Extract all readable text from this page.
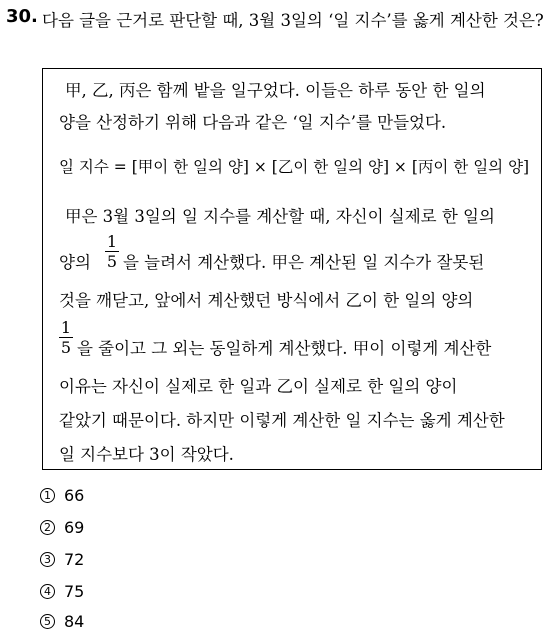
30. 다음 글을 근거로 판단할 때, 3월 3일의 ‘일 지수’를 옳게 계산한 것은?
甲, 乙, 丙은 함께 밭을 일구었다. 이들은 하루 동안 한 일의
양을 산정하기 위해 다음과 같은 ‘일 지수’를 만들었다.
일 지수 = [甲이 한 일의 양] × [乙이 한 일의 양] × [丙이 한 일의 양]
甲은 3월 3일의 일 지수를 계산할 때, 자신이 실제로 한 일의
양의
1
5 을 늘려서 계산했다. 甲은 계산된 일 지수가 잘못된
것을 깨닫고, 앞에서 계산했던 방식에서 乙이 한 일의 양의
1
5 을 줄이고 그 외는 동일하게 계산했다. 甲이 이렇게 계산한
이유는 자신이 실제로 한 일과 乙이 실제로 한 일의 양이
같았기 때문이다. 하지만 이렇게 계산한 일 지수는 옳게 계산한
일 지수보다 3이 작았다.
1 66
2 69
3 72
4 75
5 84
